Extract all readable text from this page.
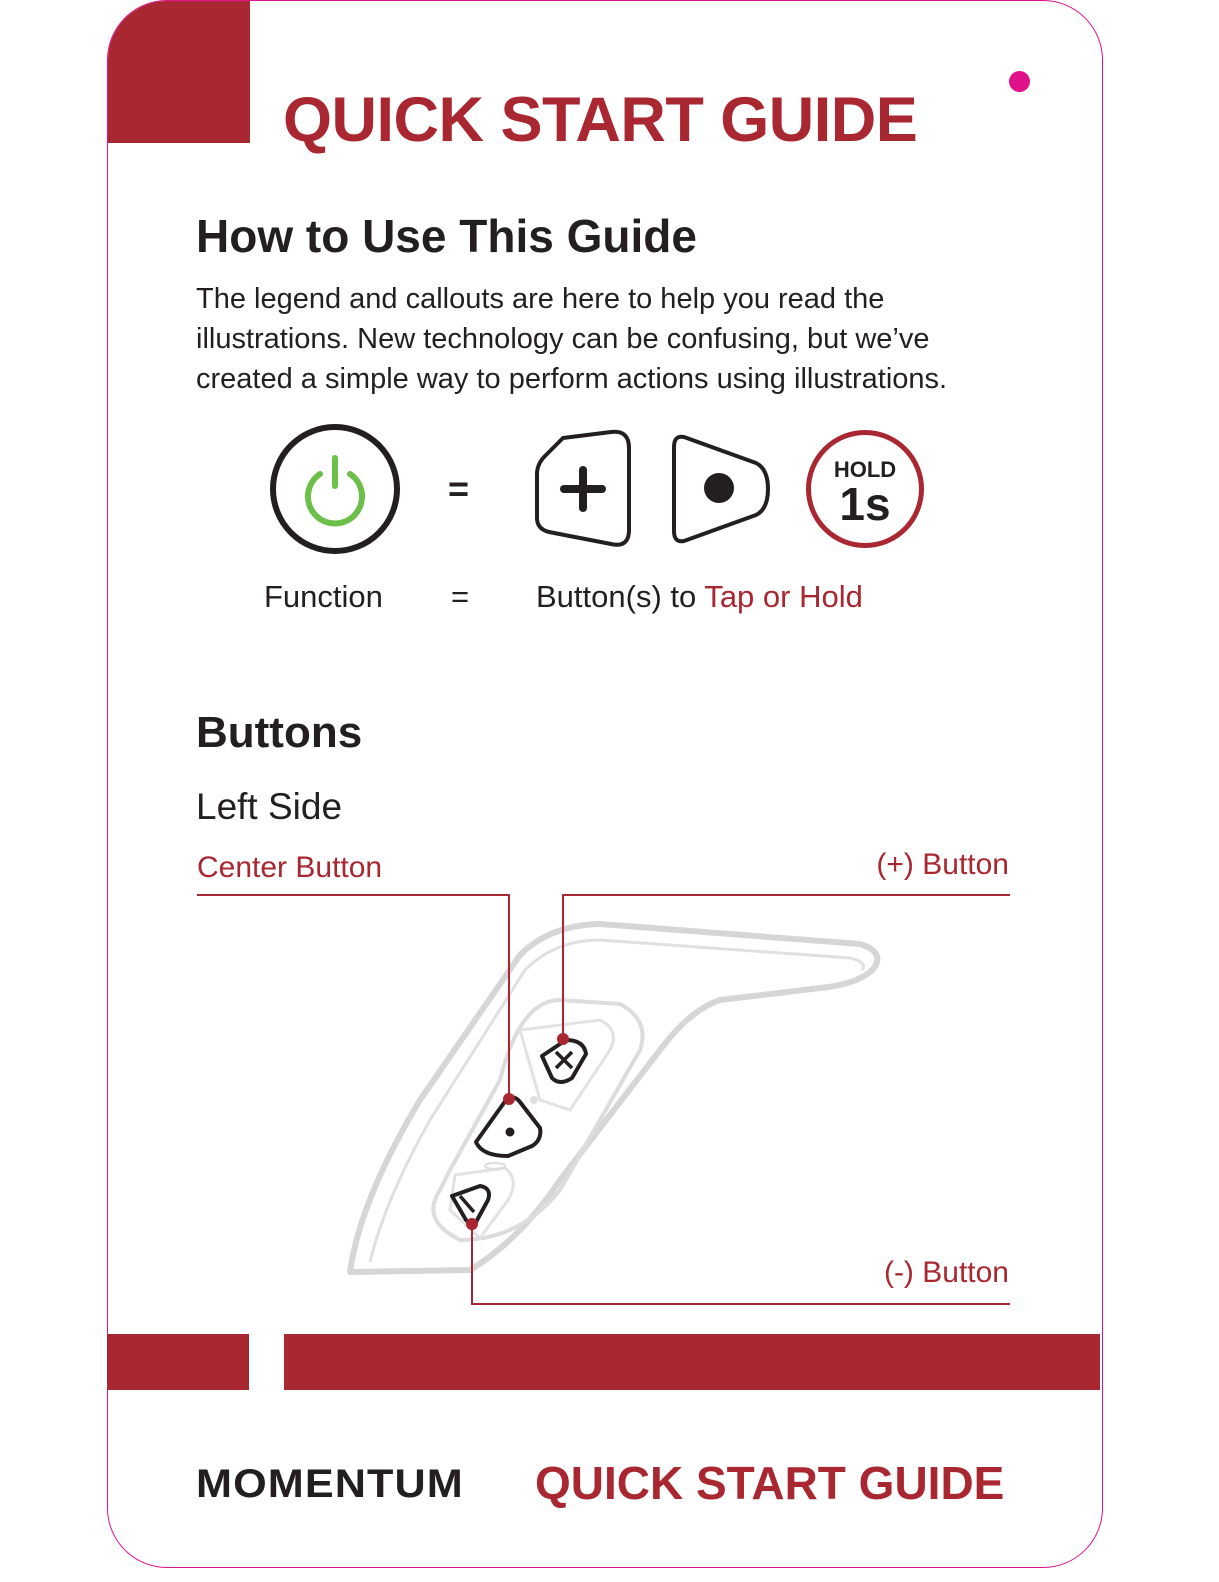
QUICK START GUIDE
How to Use This Guide
The legend and callouts are here to help you read the
illustrations. New technology can be confusing, but we’ve
created a simple way to perform actions using illustrations.
=	HOLD
1s
Function = Button(s) to Tap or Hold
Buttons
Left Side
Center Button	(+) Button
(-) Button
MOMENTUM QUICK START GUIDE
